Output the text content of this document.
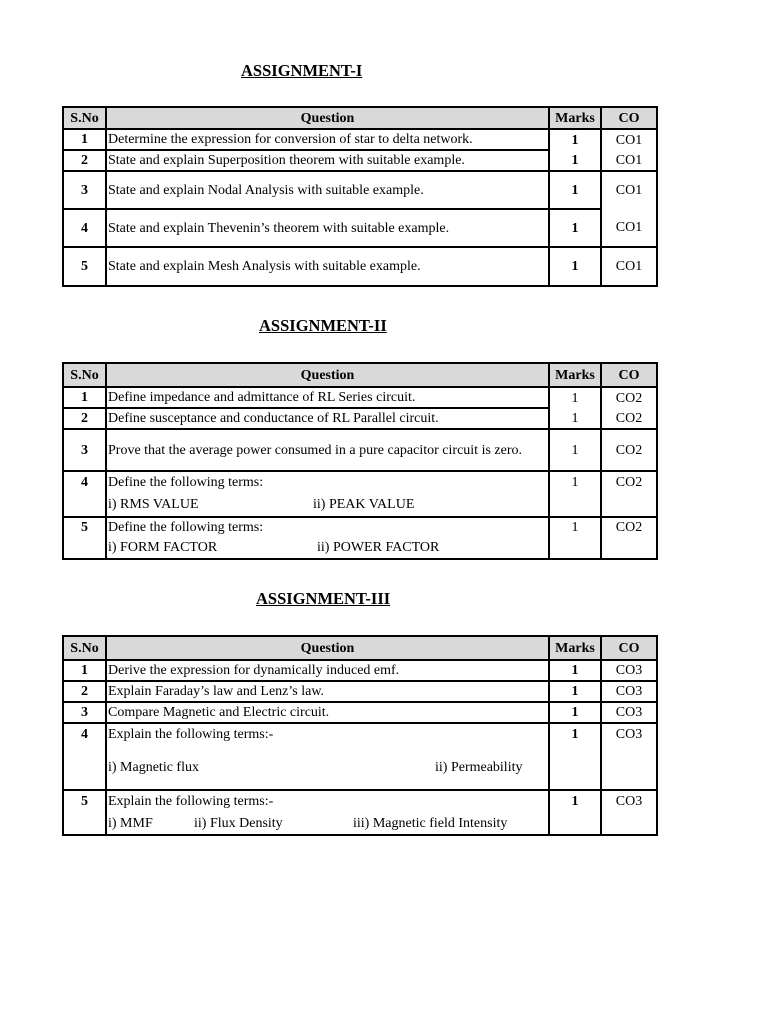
ASSIGNMENT-I
S.No	Question	Marks	CO
1	Determine the expression for conversion of star to delta network.	1	CO1
2	State and explain Superposition theorem with suitable example.	1	CO1
3	State and explain Nodal Analysis with suitable example.	1	CO1
4	State and explain Thevenin’s theorem with suitable example.	1	CO1
5	State and explain Mesh Analysis with suitable example.	1	CO1
ASSIGNMENT-II
S.No	Question	Marks	CO
1	Define impedance and admittance of RL Series circuit.	1	CO2
2	Define susceptance and conductance of RL Parallel circuit.	1	CO2
3	Prove that the average power consumed in a pure capacitor circuit is zero.	1	CO2
4	Define the following terms:
i) RMS VALUE ii) PEAK VALUE	1	CO2
5	Define the following terms:
i) FORM FACTOR ii) POWER FACTOR	1	CO2
ASSIGNMENT-III
S.No	Question	Marks	CO
1	Derive the expression for dynamically induced emf.	1	CO3
2	Explain Faraday’s law and Lenz’s law.	1	CO3
3	Compare Magnetic and Electric circuit.	1	CO3
4	Explain the following terms:-
i) Magnetic flux ii) Permeability	1	CO3
5	Explain the following terms:-
i) MMF ii) Flux Density iii) Magnetic field Intensity	1	CO3
